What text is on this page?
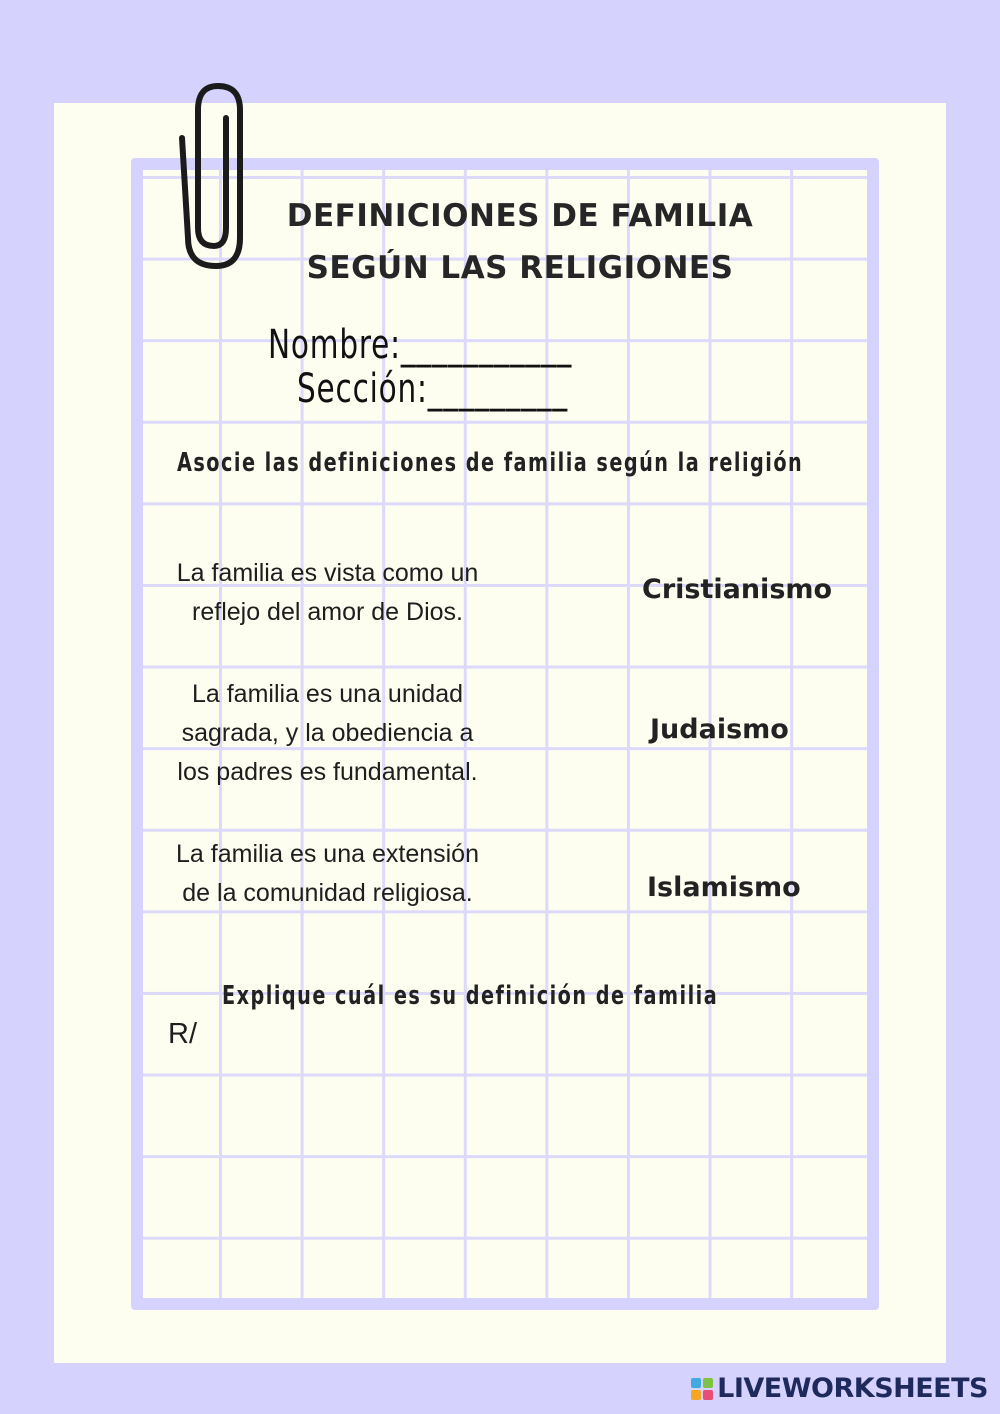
DEFINICIONES DE FAMILIA
SEGÚN LAS RELIGIONES
Nombre:___________
Sección:_________
Asocie las definiciones de familia según la religión
La familia es vista como un
reflejo del amor de Dios.
La familia es una unidad
sagrada, y la obediencia a
los padres es fundamental.
La familia es una extensión
de la comunidad religiosa.
Cristianismo
Judaismo
Islamismo
Explique cuál es su definición de familia
R/
LIVEWORKSHEETS
